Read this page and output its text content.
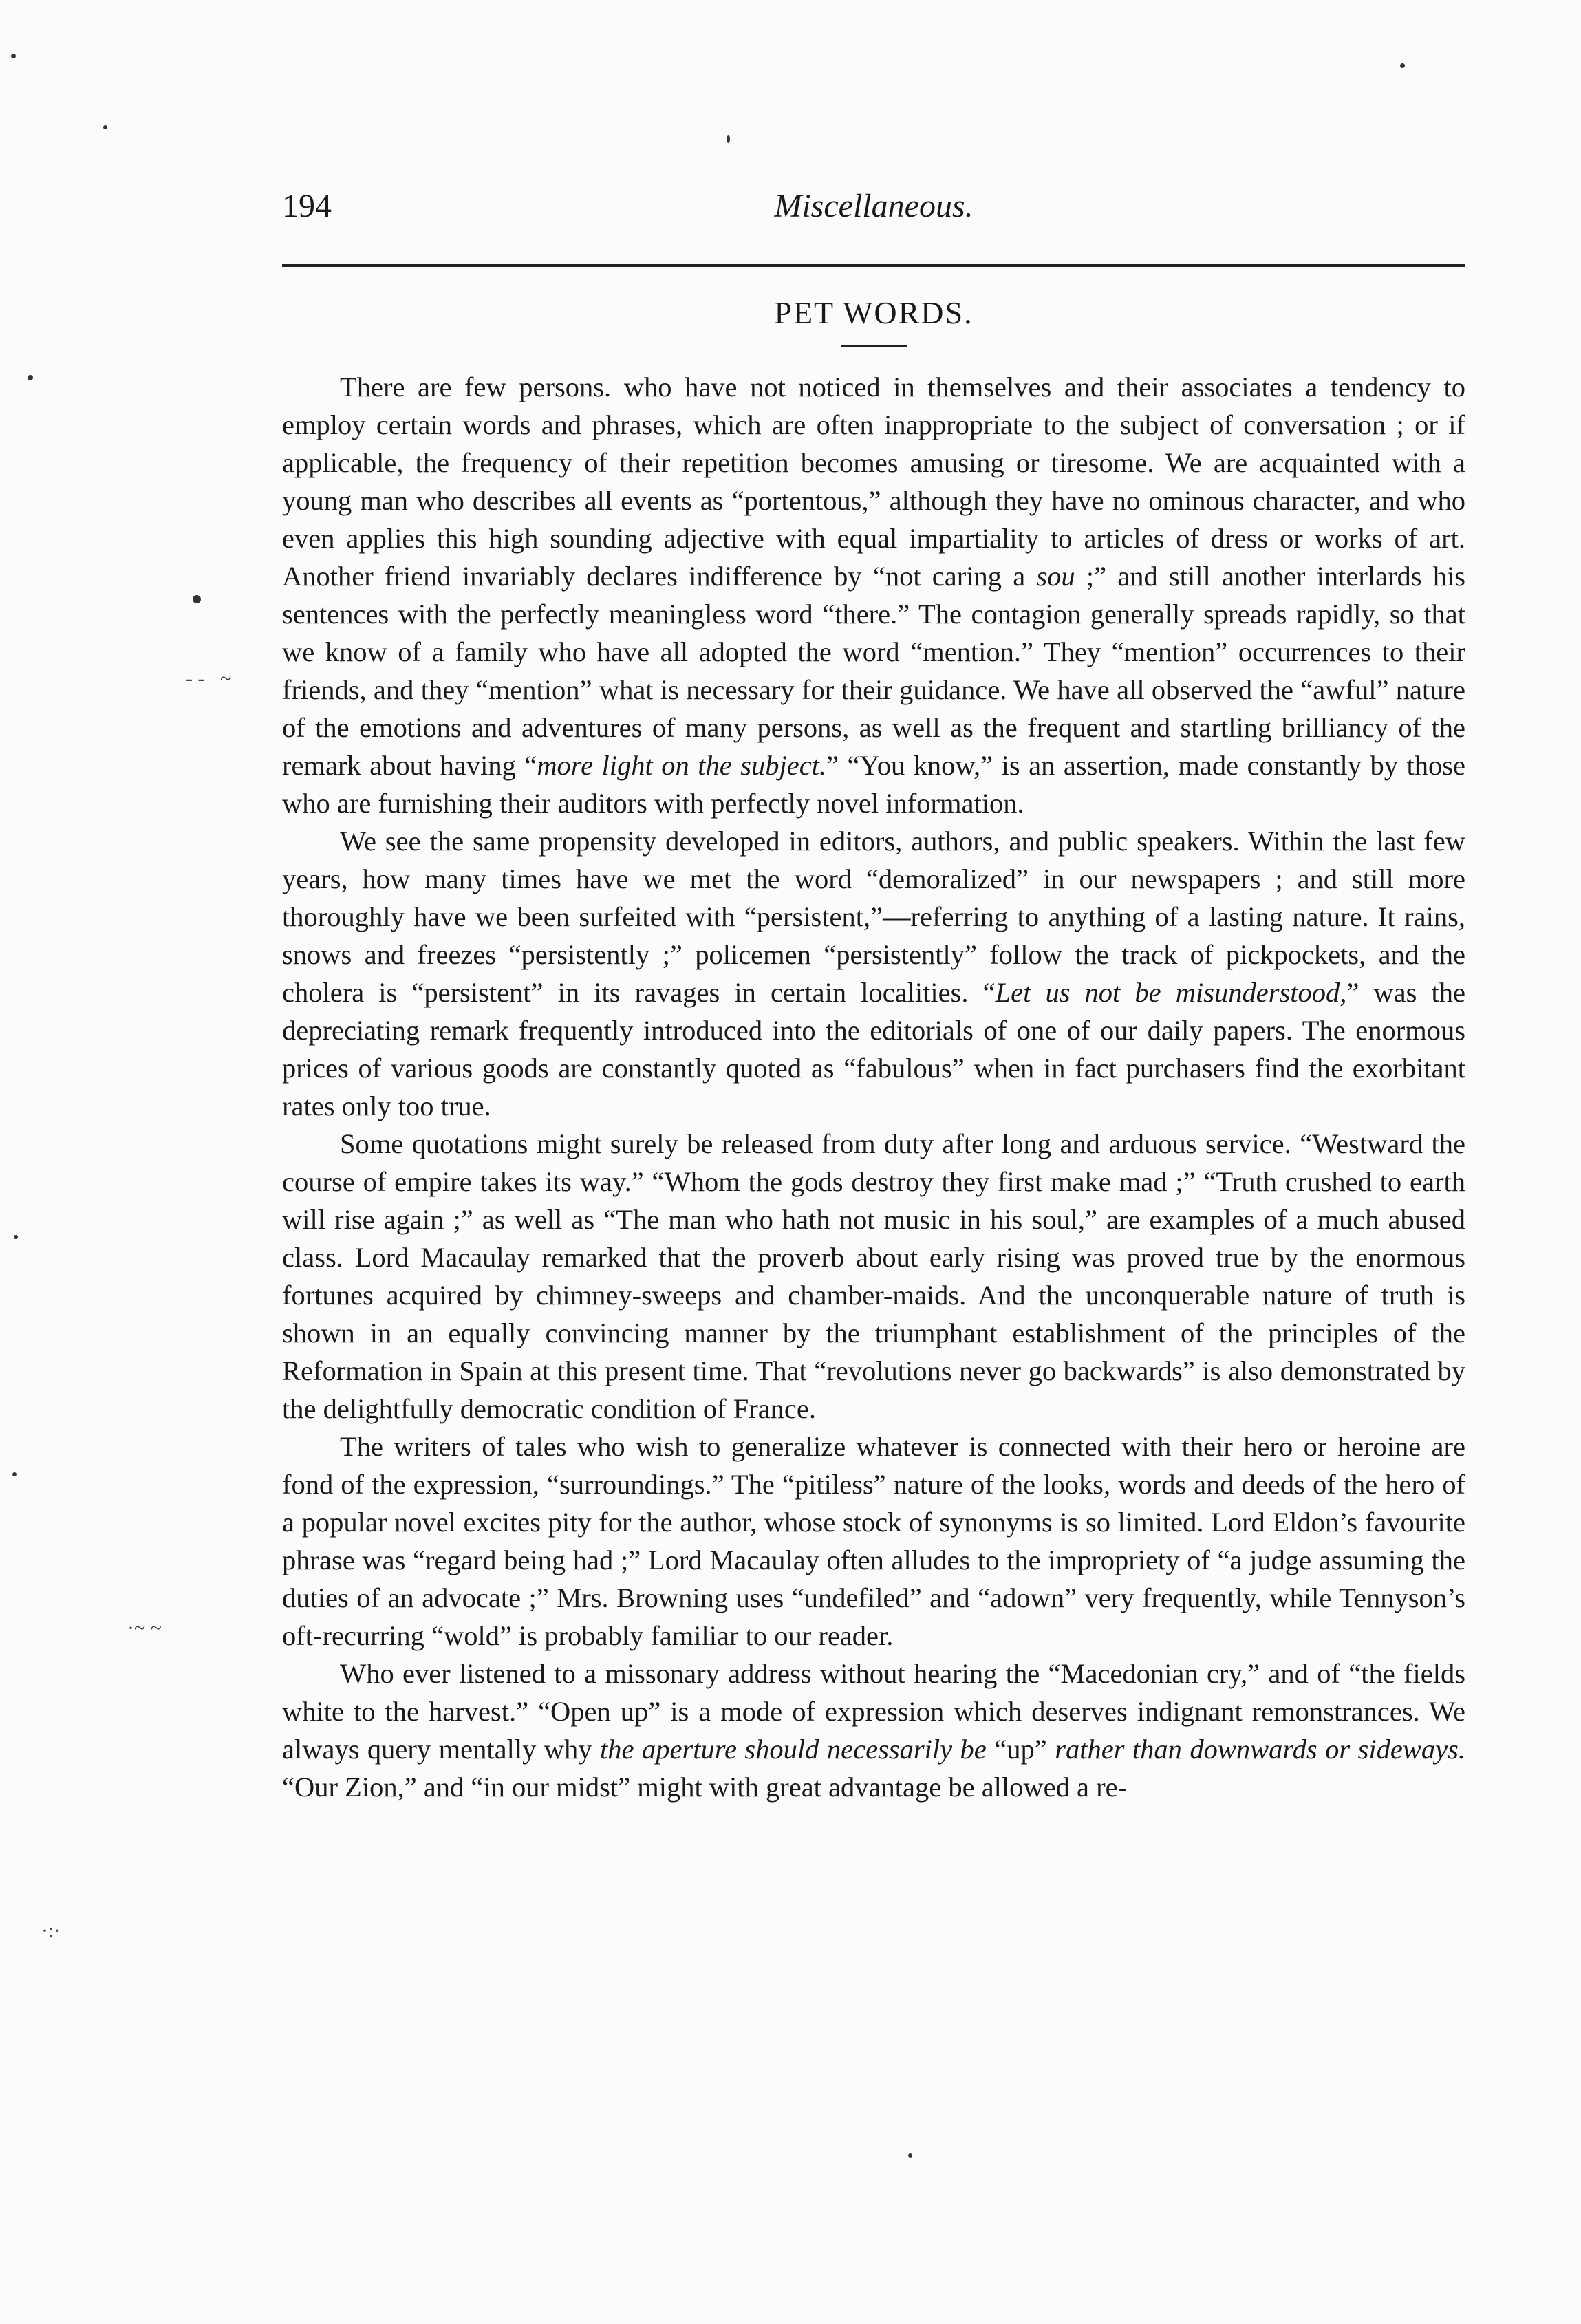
- -   ~
·~ ~
·:·
194	Miscellaneous.
PET WORDS.

There are few persons. who have not noticed in themselves and their associates a tendency to employ certain words and phrases, which are often inappropriate to the subject of conversation ; or if applicable, the frequency of their repetition becomes amusing or tiresome. We are acquainted with a young man who describes all events as “portentous,” although they have no ominous character, and who even applies this high sounding adjective with equal impartiality to articles of dress or works of art. Another friend invariably declares indifference by “not caring a sou ;” and still another interlards his sentences with the perfectly meaningless word “there.” The contagion generally spreads rapidly, so that we know of a family who have all adopted the word “mention.” They “mention” occurrences to their friends, and they “mention” what is necessary for their guidance. We have all observed the “awful” nature of the emotions and adventures of many persons, as well as the frequent and startling brilliancy of the remark about having “more light on the subject.” “You know,” is an assertion, made constantly by those who are furnishing their auditors with perfectly novel information.

We see the same propensity developed in editors, authors, and public speakers. Within the last few years, how many times have we met the word “demoralized” in our newspapers ; and still more thoroughly have we been surfeited with “persistent,”—referring to anything of a lasting nature. It rains, snows and freezes “persistently ;” policemen “persistently” follow the track of pickpockets, and the cholera is “persistent” in its ravages in certain localities. “Let us not be misunderstood,” was the depreciating remark frequently introduced into the editorials of one of our daily papers. The enormous prices of various goods are constantly quoted as “fabulous” when in fact purchasers find the exorbitant rates only too true.

Some quotations might surely be released from duty after long and arduous service. “Westward the course of empire takes its way.” “Whom the gods destroy they first make mad ;” “Truth crushed to earth will rise again ;” as well as “The man who hath not music in his soul,” are examples of a much abused class. Lord Macaulay remarked that the proverb about early rising was proved true by the enormous fortunes acquired by chimney-sweeps and chamber-maids. And the unconquerable nature of truth is shown in an equally convincing manner by the triumphant establishment of the principles of the Reformation in Spain at this present time. That “revolutions never go backwards” is also demonstrated by the delightfully democratic condition of France.

The writers of tales who wish to generalize whatever is connected with their hero or heroine are fond of the expression, “surroundings.” The “pitiless” nature of the looks, words and deeds of the hero of a popular novel excites pity for the author, whose stock of synonyms is so limited. Lord Eldon’s favourite phrase was “regard being had ;” Lord Macaulay often alludes to the impropriety of “a judge assuming the duties of an advocate ;” Mrs. Browning uses “undefiled” and “adown” very frequently, while Tennyson’s oft-recurring “wold” is probably familiar to our reader.

Who ever listened to a missonary address without hearing the “Macedonian cry,” and of “the fields white to the harvest.” “Open up” is a mode of expression which deserves indignant remonstrances. We always query mentally why the aperture should necessarily be “up” rather than downwards or sideways. “Our Zion,” and “in our midst” might with great advantage be allowed a re-
